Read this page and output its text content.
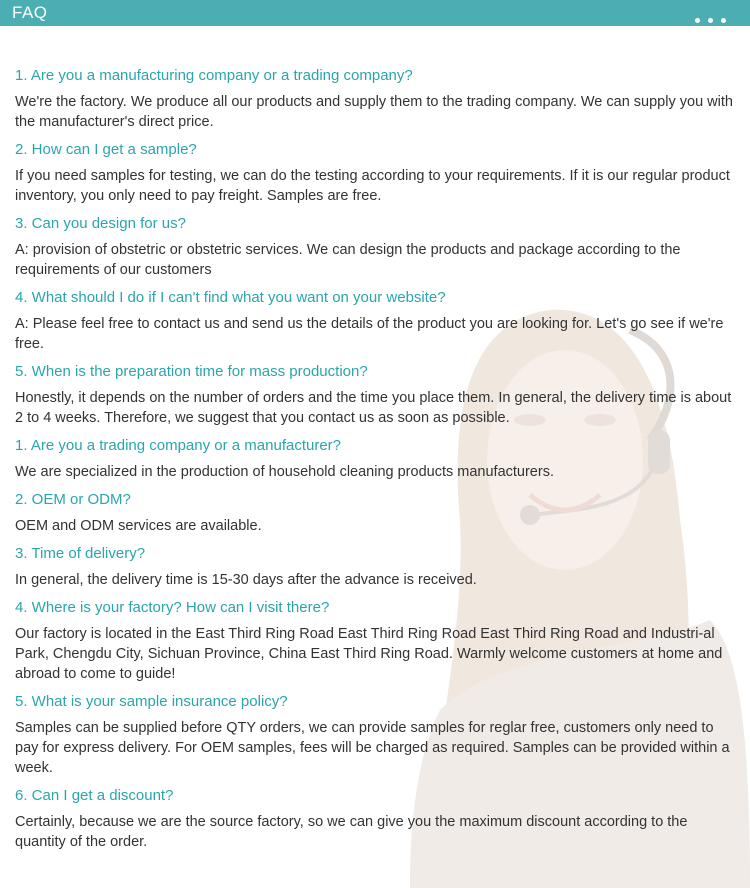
FAQ
1. Are you a manufacturing company or a trading company?
We're the factory. We produce all our products and supply them to the trading company. We can supply you with the manufacturer's direct price.
2. How can I get a sample?
If you need samples for testing, we can do the testing according to your requirements. If it is our regular product inventory, you only need to pay freight. Samples are free.
3. Can you design for us?
A: provision of obstetric or obstetric services. We can design the products and package according to the requirements of our customers
4. What should I do if I can't find what you want on your website?
A: Please feel free to contact us and send us the details of the product you are looking for. Let's go see if we're free.
5. When is the preparation time for mass production?
Honestly, it depends on the number of orders and the time you place them. In general, the delivery time is about 2 to 4 weeks. Therefore, we suggest that you contact us as soon as possible.
1. Are you a trading company or a manufacturer?
We are specialized in the production of household cleaning products manufacturers.
2. OEM or ODM?
OEM and ODM services are available.
3. Time of delivery?
In general, the delivery time is 15-30 days after the advance is received.
4. Where is your factory? How can I visit there?
Our factory is located in the East Third Ring Road East Third Ring Road East Third Ring Road and Industri-al Park, Chengdu City, Sichuan Province, China East Third Ring Road. Warmly welcome customers at home and abroad to come to guide!
5. What is your sample insurance policy?
Samples can be supplied before QTY orders, we can provide samples for reglar free, customers only need to pay for express delivery. For OEM samples, fees will be charged as required. Samples can be provided within a week.
6. Can I get a discount?
Certainly, because we are the source factory, so we can give you the maximum discount according to the quantity of the order.
